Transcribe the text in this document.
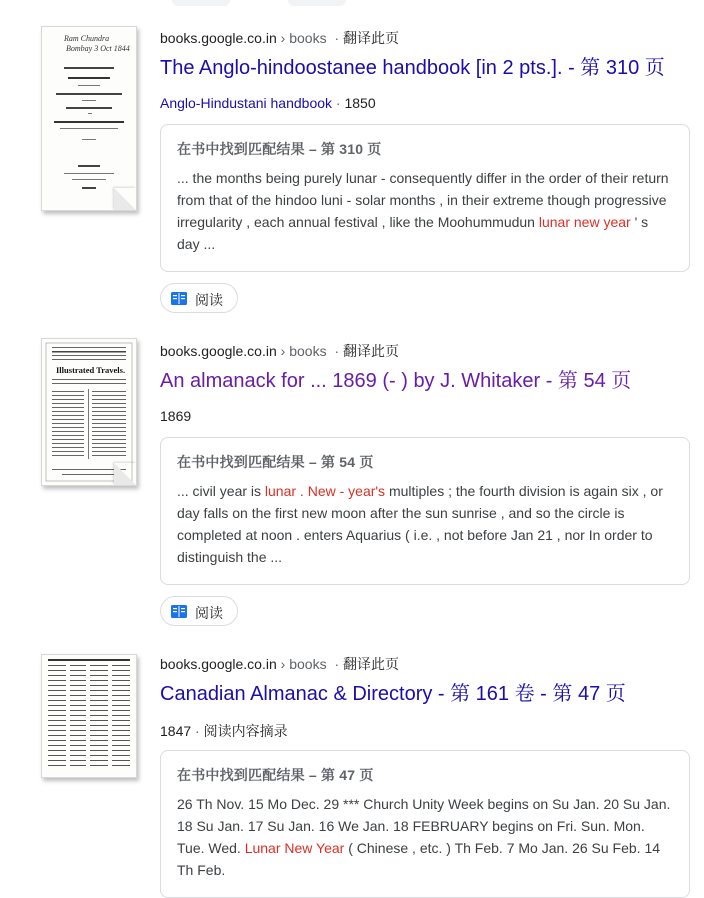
Ram Chundra
Bombay 3 Oct 1844
books.google.co.in › books · 翻译此页
The Anglo-hindoostanee handbook [in 2 pts.]. - 第 310 页
Anglo-Hindustani handbook · 1850
在书中找到匹配结果 – 第 310 页
... the months being purely lunar - consequently differ in the order of their return from that of the hindoo luni - solar months , in their extreme though progressive irregularity , each annual festival , like the Moohummudun lunar new year ' s day ...
阅读
Illustrated Travels.
books.google.co.in › books · 翻译此页
An almanack for ... 1869 (- ) by J. Whitaker - 第 54 页
1869
在书中找到匹配结果 – 第 54 页
... civil year is lunar . New - year's multiples ; the fourth division is again six , or day falls on the first new moon after the sun sunrise , and so the circle is completed at noon . enters Aquarius ( i.e. , not before Jan 21 , nor In order to distinguish the ...
阅读
books.google.co.in › books · 翻译此页
Canadian Almanac & Directory - 第 161 卷 - 第 47 页
1847 · 阅读内容摘录
在书中找到匹配结果 – 第 47 页
26 Th Nov. 15 Mo Dec. 29 *** Church Unity Week begins on Su Jan. 20 Su Jan. 18 Su Jan. 17 Su Jan. 16 We Jan. 18 FEBRUARY begins on Fri. Sun. Mon. Tue. Wed. Lunar New Year ( Chinese , etc. ) Th Feb. 7 Mo Jan. 26 Su Feb. 14 Th Feb.
